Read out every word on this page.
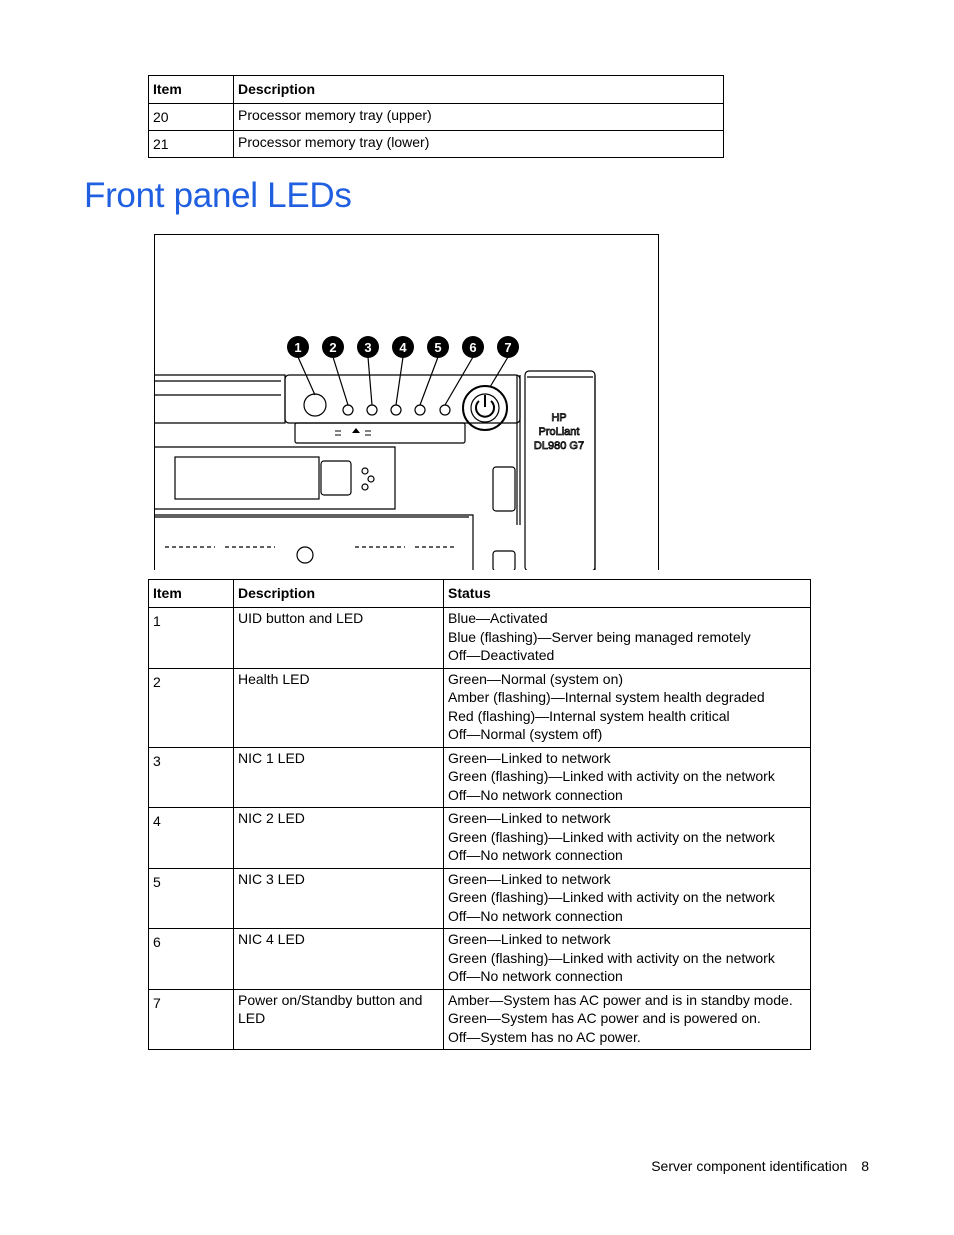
Item	Description
20	Processor memory tray (upper)
21	Processor memory tray (lower)
Front panel LEDs
1 2 3 4 5 6 7
HP
ProLiant
DL980 G7
Item	Description	Status
1	UID button and LED	Blue—Activated
Blue (flashing)—Server being managed remotely
Off—Deactivated

2	Health LED	Green—Normal (system on)
Amber (flashing)—Internal system health degraded
Red (flashing)—Internal system health critical
Off—Normal (system off)

3	NIC 1 LED	Green—Linked to network
Green (flashing)—Linked with activity on the network
Off—No network connection

4	NIC 2 LED	Green—Linked to network
Green (flashing)—Linked with activity on the network
Off—No network connection

5	NIC 3 LED	Green—Linked to network
Green (flashing)—Linked with activity on the network
Off—No network connection

6	NIC 4 LED	Green—Linked to network
Green (flashing)—Linked with activity on the network
Off—No network connection

7	Power on/Standby button and LED	Amber—System has AC power and is in standby mode.
Green—System has AC power and is powered on.
Off—System has no AC power.
Server component identification 8
